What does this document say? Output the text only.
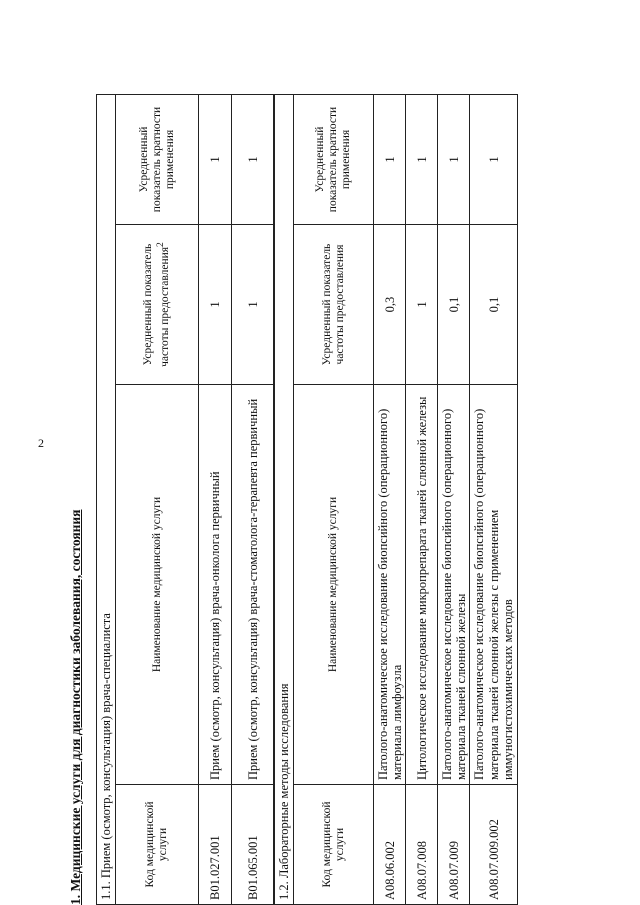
2
1. Медицинские услуги для диагностики заболевания, состояния 1.1. Прием (осмотр, консультация) врача-специалиста			
Код медицинской услуги	Наименование медицинской услуги	Усредненный показатель частоты предоставления$^2$	Усредненный показатель кратности применения
B01.027.001	Прием (осмотр, консультация) врача-онколога первичный	1	1
B01.065.001	Прием (осмотр, консультация) врача-стоматолога-терапевта первичный	1	1
1.2. Лабораторные методы исследования			
Код медицинской услуги	Наименование медицинской услуги	Усредненный показатель частоты предоставления	Усредненный показатель кратности применения
A08.06.002	Патолого-анатомическое исследование биопсийного (операционного) материала лимфоузла	0,3	1
A08.07.008	Цитологическое исследование микропрепарата тканей слюнной железы	1	1
A08.07.009	Патолого-анатомическое исследование биопсийного (операционного) материала тканей слюнной железы	0,1	1
A08.07.009.002	Патолого-анатомическое исследование биопсийного (операционного) материала тканей слюнной железы с применением иммуногистохимических методов	0,1	1
